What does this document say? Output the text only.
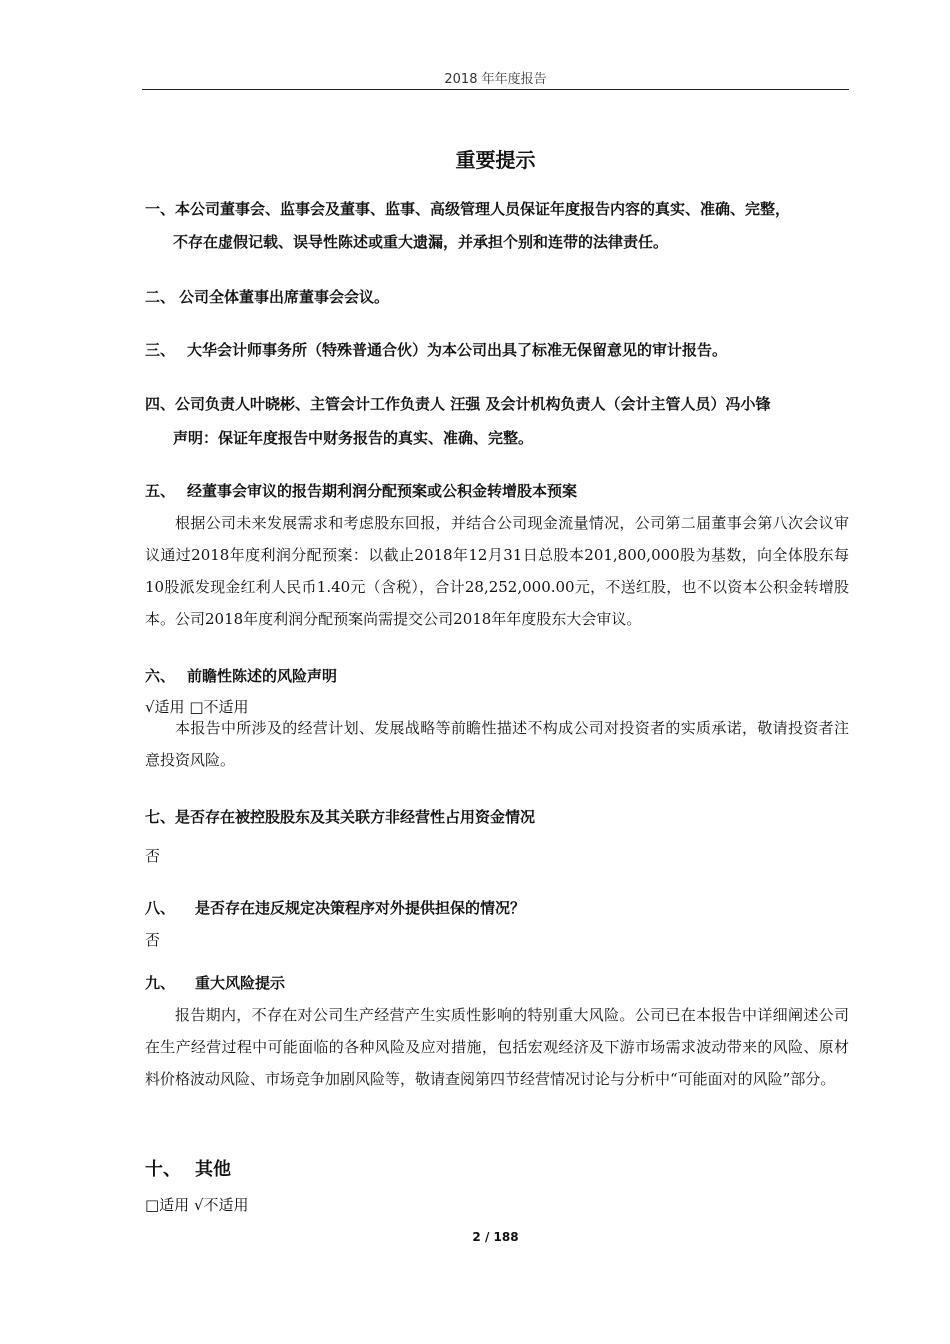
2018 年年度报告
重要提示
一、本公司董事会、监事会及董事、监事、高级管理人员保证年度报告内容的真实、准确、完整，
不存在虚假记载、误导性陈述或重大遗漏，并承担个别和连带的法律责任。
二、 公司全体董事出席董事会会议。
三、 大华会计师事务所（特殊普通合伙）为本公司出具了标准无保留意见的审计报告。
四、公司负责人叶晓彬、主管会计工作负责人 汪强 及会计机构负责人（会计主管人员）冯小锋
声明：保证年度报告中财务报告的真实、准确、完整。
五、 经董事会审议的报告期利润分配预案或公积金转增股本预案
根据公司未来发展需求和考虑股东回报，并结合公司现金流量情况，公司第二届董事会第八次会议审议通过2018年度利润分配预案：以截止2018年12月31日总股本201,800,000股为基数，向全体股东每10股派发现金红利人民币1.40元（含税），合计28,252,000.00元，不送红股，也不以资本公积金转增股本。公司2018年度利润分配预案尚需提交公司2018年年度股东大会审议。
六、 前瞻性陈述的风险声明
√适用 □不适用
本报告中所涉及的经营计划、发展战略等前瞻性描述不构成公司对投资者的实质承诺，敬请投资者注意投资风险。
七、是否存在被控股股东及其关联方非经营性占用资金情况
否
八、 是否存在违反规定决策程序对外提供担保的情况？
否
九、 重大风险提示
报告期内，不存在对公司生产经营产生实质性影响的特别重大风险。公司已在本报告中详细阐述公司在生产经营过程中可能面临的各种风险及应对措施，包括宏观经济及下游市场需求波动带来的风险、原材料价格波动风险、市场竞争加剧风险等，敬请查阅第四节经营情况讨论与分析中“可能面对的风险”部分。
十、 其他
□适用 √不适用
2 / 188
